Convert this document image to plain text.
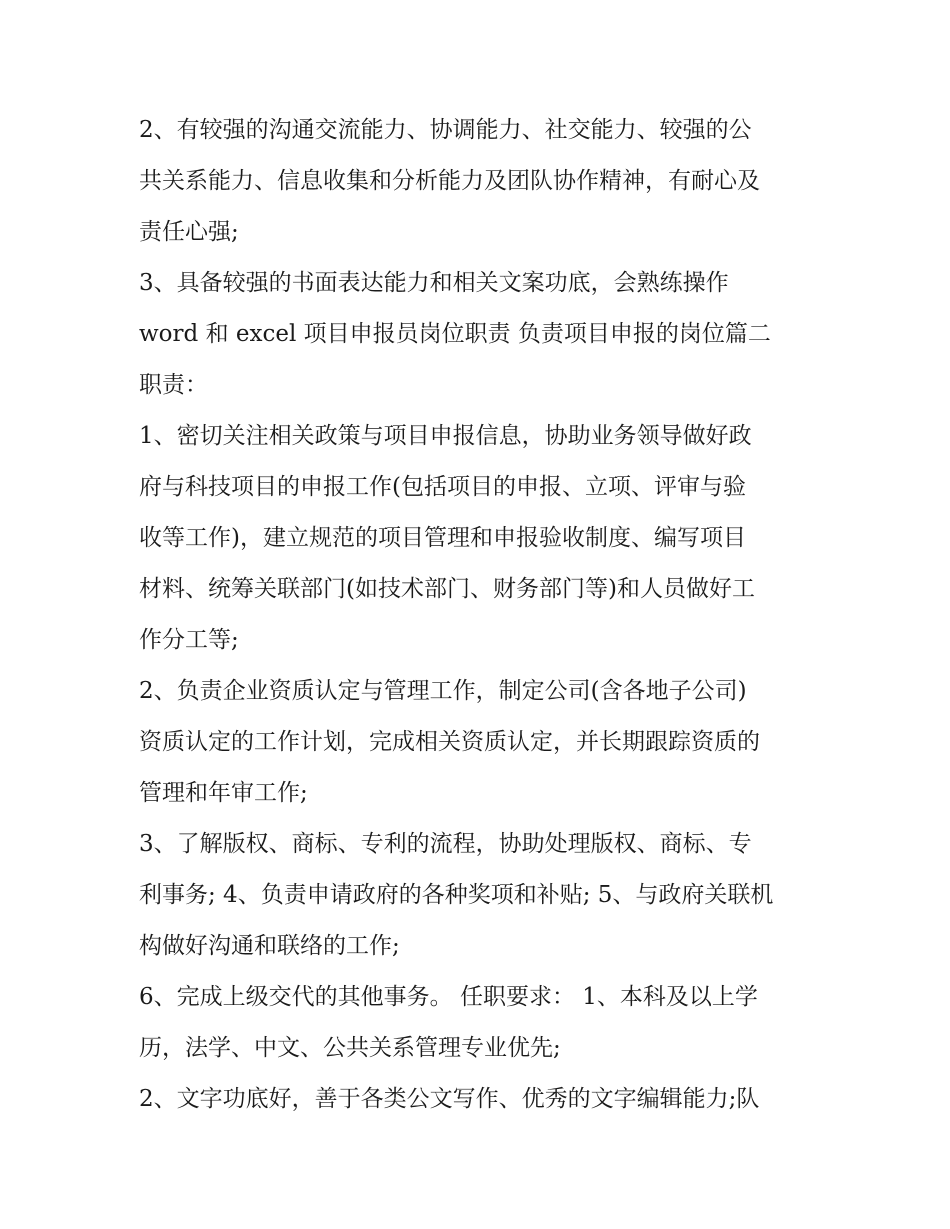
2、有较强的沟通交流能力、协调能力、社交能力、较强的公
共关系能力、信息收集和分析能力及团队协作精神，有耐心及
责任心强;
3、具备较强的书面表达能力和相关文案功底，会熟练操作
word 和 excel 项目申报员岗位职责 负责项目申报的岗位篇二
职责：
1、密切关注相关政策与项目申报信息，协助业务领导做好政
府与科技项目的申报工作(包括项目的申报、立项、评审与验
收等工作)，建立规范的项目管理和申报验收制度、编写项目
材料、统筹关联部门(如技术部门、财务部门等)和人员做好工
作分工等;
2、负责企业资质认定与管理工作，制定公司(含各地子公司)
资质认定的工作计划，完成相关资质认定，并长期跟踪资质的
管理和年审工作;
3、了解版权、商标、专利的流程，协助处理版权、商标、专
利事务; 4、负责申请政府的各种奖项和补贴; 5、与政府关联机
构做好沟通和联络的工作;
6、完成上级交代的其他事务。 任职要求： 1、本科及以上学
历，法学、中文、公共关系管理专业优先;
2、文字功底好，善于各类公文写作、优秀的文字编辑能力;队
